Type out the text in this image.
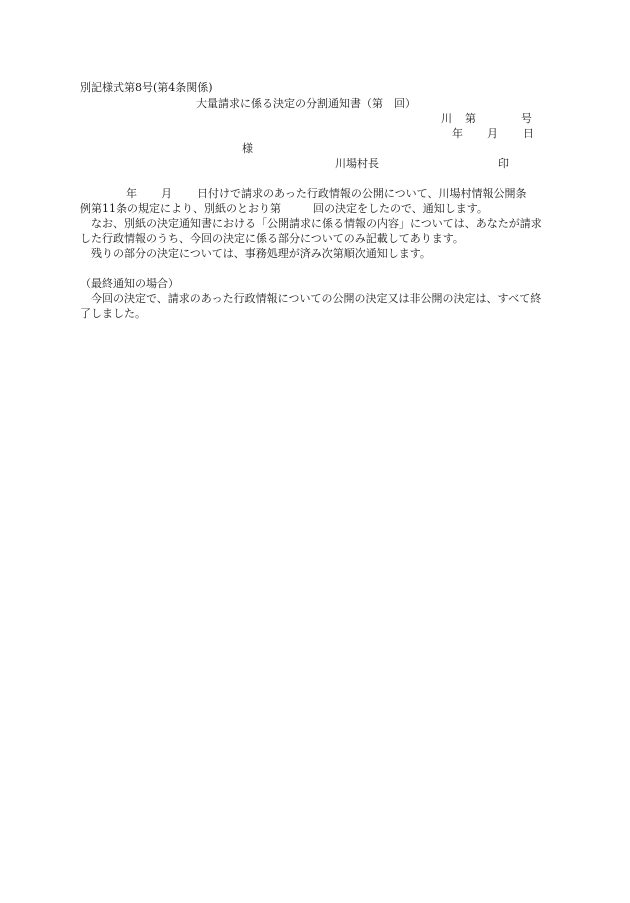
別記様式第8号(第4条関係)
大量請求に係る決定の分割通知書（第　回）
川 第	号
年 月 日
様
川場村長	印
年 月 日付けで請求のあった行政情報の公開について、川場村情報公開条
例第11条の規定により、別紙のとおり第	回の決定をしたので、通知します。
なお、別紙の決定通知書における「公開請求に係る情報の内容」については、あなたが請求した行政情報のうち、今回の決定に係る部分についてのみ記載してあります。
残りの部分の決定については、事務処理が済み次第順次通知します。
（最終通知の場合）
今回の決定で、請求のあった行政情報についての公開の決定又は非公開の決定は、すべて終了しました。
